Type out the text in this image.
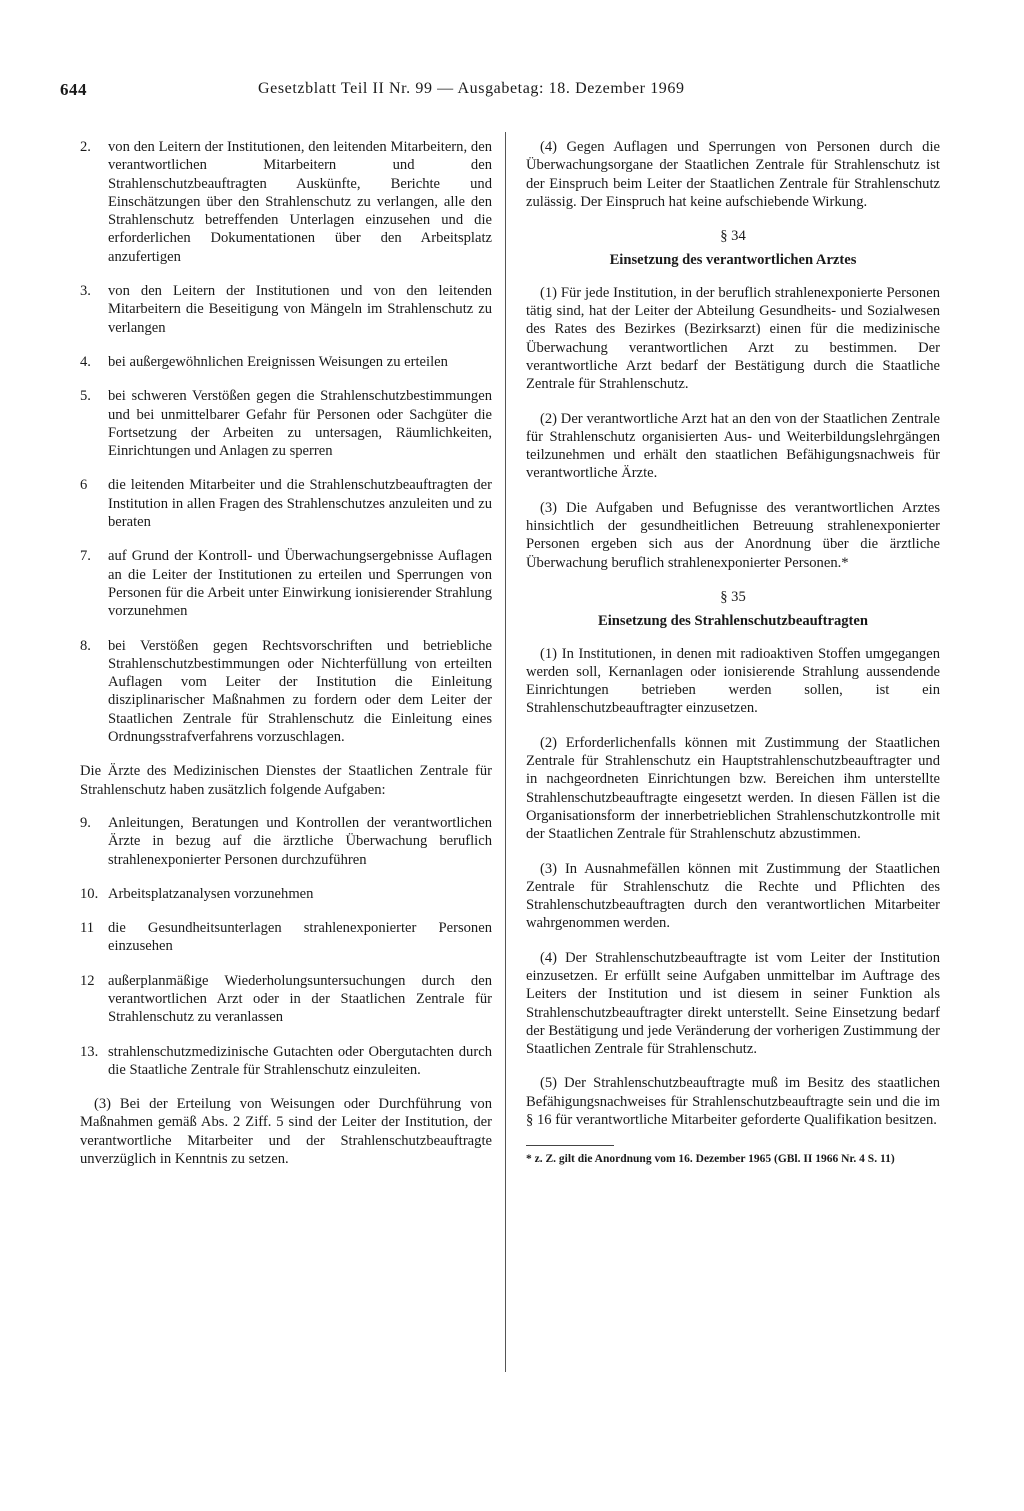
644	Gesetzblatt Teil II Nr. 99 — Ausgabetag: 18. Dezember 1969
2.	von den Leitern der Institutionen, den leitenden Mitarbeitern, den verantwortlichen Mitarbeitern und den Strahlenschutzbeauftragten Auskünfte, Berichte und Einschätzungen über den Strahlenschutz zu verlangen, alle den Strahlenschutz betreffenden Unterlagen einzusehen und die erforderlichen Dokumentationen über den Arbeitsplatz anzufertigen
3.	von den Leitern der Institutionen und von den leitenden Mitarbeitern die Beseitigung von Mängeln im Strahlenschutz zu verlangen
4.	bei außergewöhnlichen Ereignissen Weisungen zu erteilen
5.	bei schweren Verstößen gegen die Strahlenschutzbestimmungen und bei unmittelbarer Gefahr für Personen oder Sachgüter die Fortsetzung der Arbeiten zu untersagen, Räumlichkeiten, Einrichtungen und Anlagen zu sperren
6	die leitenden Mitarbeiter und die Strahlenschutzbeauftragten der Institution in allen Fragen des Strahlenschutzes anzuleiten und zu beraten
7.	auf Grund der Kontroll- und Überwachungsergebnisse Auflagen an die Leiter der Institutionen zu erteilen und Sperrungen von Personen für die Arbeit unter Einwirkung ionisierender Strahlung vorzunehmen
8.	bei Verstößen gegen Rechtsvorschriften und betriebliche Strahlenschutzbestimmungen oder Nichterfüllung von erteilten Auflagen vom Leiter der Institution die Einleitung disziplinarischer Maßnahmen zu fordern oder dem Leiter der Staatlichen Zentrale für Strahlenschutz die Einleitung eines Ordnungsstrafverfahrens vorzuschlagen.

Die Ärzte des Medizinischen Dienstes der Staatlichen Zentrale für Strahlenschutz haben zusätzlich folgende Aufgaben:

9.	Anleitungen, Beratungen und Kontrollen der verantwortlichen Ärzte in bezug auf die ärztliche Überwachung beruflich strahlenexponierter Personen durchzuführen
10. Arbeitsplatzanalysen vorzunehmen
11 die Gesundheitsunterlagen strahlenexponierter Personen einzusehen
12 außerplanmäßige Wiederholungsuntersuchungen durch den verantwortlichen Arzt oder in der Staatlichen Zentrale für Strahlenschutz zu veranlassen
13. strahlenschutzmedizinische Gutachten oder Obergutachten durch die Staatliche Zentrale für Strahlenschutz einzuleiten.

(3) Bei der Erteilung von Weisungen oder Durchführung von Maßnahmen gemäß Abs. 2 Ziff. 5 sind der Leiter der Institution, der verantwortliche Mitarbeiter und der Strahlenschutzbeauftragte unverzüglich in Kenntnis zu setzen.

(4) Gegen Auflagen und Sperrungen von Personen durch die Überwachungsorgane der Staatlichen Zentrale für Strahlenschutz ist der Einspruch beim Leiter der Staatlichen Zentrale für Strahlenschutz zulässig. Der Einspruch hat keine aufschiebende Wirkung.

§ 34
Einsetzung des verantwortlichen Arztes

(1) Für jede Institution, in der beruflich strahlenexponierte Personen tätig sind, hat der Leiter der Abteilung Gesundheits- und Sozialwesen des Rates des Bezirkes (Bezirksarzt) einen für die medizinische Überwachung verantwortlichen Arzt zu bestimmen. Der verantwortliche Arzt bedarf der Bestätigung durch die Staatliche Zentrale für Strahlenschutz.

(2) Der verantwortliche Arzt hat an den von der Staatlichen Zentrale für Strahlenschutz organisierten Aus- und Weiterbildungslehrgängen teilzunehmen und erhält den staatlichen Befähigungsnachweis für verantwortliche Ärzte.

(3) Die Aufgaben und Befugnisse des verantwortlichen Arztes hinsichtlich der gesundheitlichen Betreuung strahlenexponierter Personen ergeben sich aus der Anordnung über die ärztliche Überwachung beruflich strahlenexponierter Personen.*

§ 35
Einsetzung des Strahlenschutzbeauftragten

(1) In Institutionen, in denen mit radioaktiven Stoffen umgegangen werden soll, Kernanlagen oder ionisierende Strahlung aussendende Einrichtungen betrieben werden sollen, ist ein Strahlenschutzbeauftragter einzusetzen.

(2) Erforderlichenfalls können mit Zustimmung der Staatlichen Zentrale für Strahlenschutz ein Hauptstrahlenschutzbeauftragter und in nachgeordneten Einrichtungen bzw. Bereichen ihm unterstellte Strahlenschutzbeauftragte eingesetzt werden. In diesen Fällen ist die Organisationsform der innerbetrieblichen Strahlenschutzkontrolle mit der Staatlichen Zentrale für Strahlenschutz abzustimmen.

(3) In Ausnahmefällen können mit Zustimmung der Staatlichen Zentrale für Strahlenschutz die Rechte und Pflichten des Strahlenschutzbeauftragten durch den verantwortlichen Mitarbeiter wahrgenommen werden.

(4) Der Strahlenschutzbeauftragte ist vom Leiter der Institution einzusetzen. Er erfüllt seine Aufgaben unmittelbar im Auftrage des Leiters der Institution und ist diesem in seiner Funktion als Strahlenschutzbeauftragter direkt unterstellt. Seine Einsetzung bedarf der Bestätigung und jede Veränderung der vorherigen Zustimmung der Staatlichen Zentrale für Strahlenschutz.

(5) Der Strahlenschutzbeauftragte muß im Besitz des staatlichen Befähigungsnachweises für Strahlenschutzbeauftragte sein und die im § 16 für verantwortliche Mitarbeiter geforderte Qualifikation besitzen.

* z. Z. gilt die Anordnung vom 16. Dezember 1965 (GBl. II 1966 Nr. 4 S. 11)
